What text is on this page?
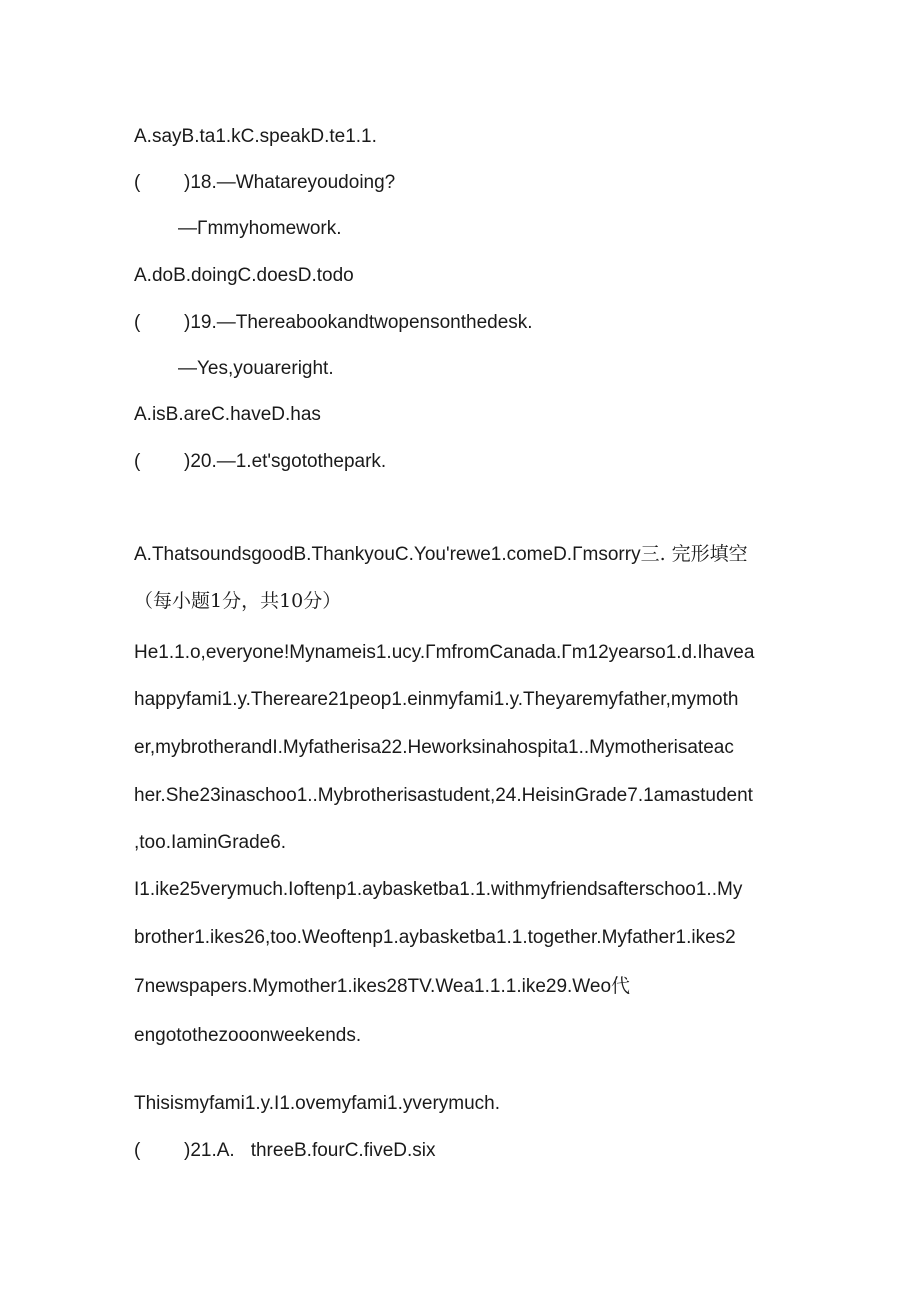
A.sayB.ta1.kC.speakD.te1.1.
( )18.—Whatareyoudoing?
—Γmmyhomework.
A.doB.doingC.doesD.todo
( )19.—Thereabookandtwopensonthedesk.
—Yes,youareright.
A.isB.areC.haveD.has
( )20.—1.et'sgotothepark.
A.ThatsoundsgoodB.ThankyouC.You'rewe1.comeD.Γmsorry三. 完形填空
（每小题1分，共10分）
He1.1.o,everyone!Mynameis1.ucy.ΓmfromCanada.Γm12yearso1.d.Ihavea
happyfami1.y.Thereare21peop1.einmyfami1.y.Theyaremyfather,mymoth
er,mybrotherandI.Myfatherisa22.Heworksinahospita1..Mymotherisateac
her.She23inaschoo1..Mybrotherisastudent,24.HeisinGrade7.1amastudent
,too.IaminGrade6.
I1.ike25verymuch.Ioftenp1.aybasketba1.1.withmyfriendsafterschoo1..My
brother1.ikes26,too.Weoftenp1.aybasketba1.1.together.Myfather1.ikes2
7newspapers.Mymother1.ikes28TV.Wea1.1.1.ike29.Weo代
engotothezooonweekends.
Thisismyfami1.y.I1.ovemyfami1.yverymuch.
( )21.A. threeB.fourC.fiveD.six
